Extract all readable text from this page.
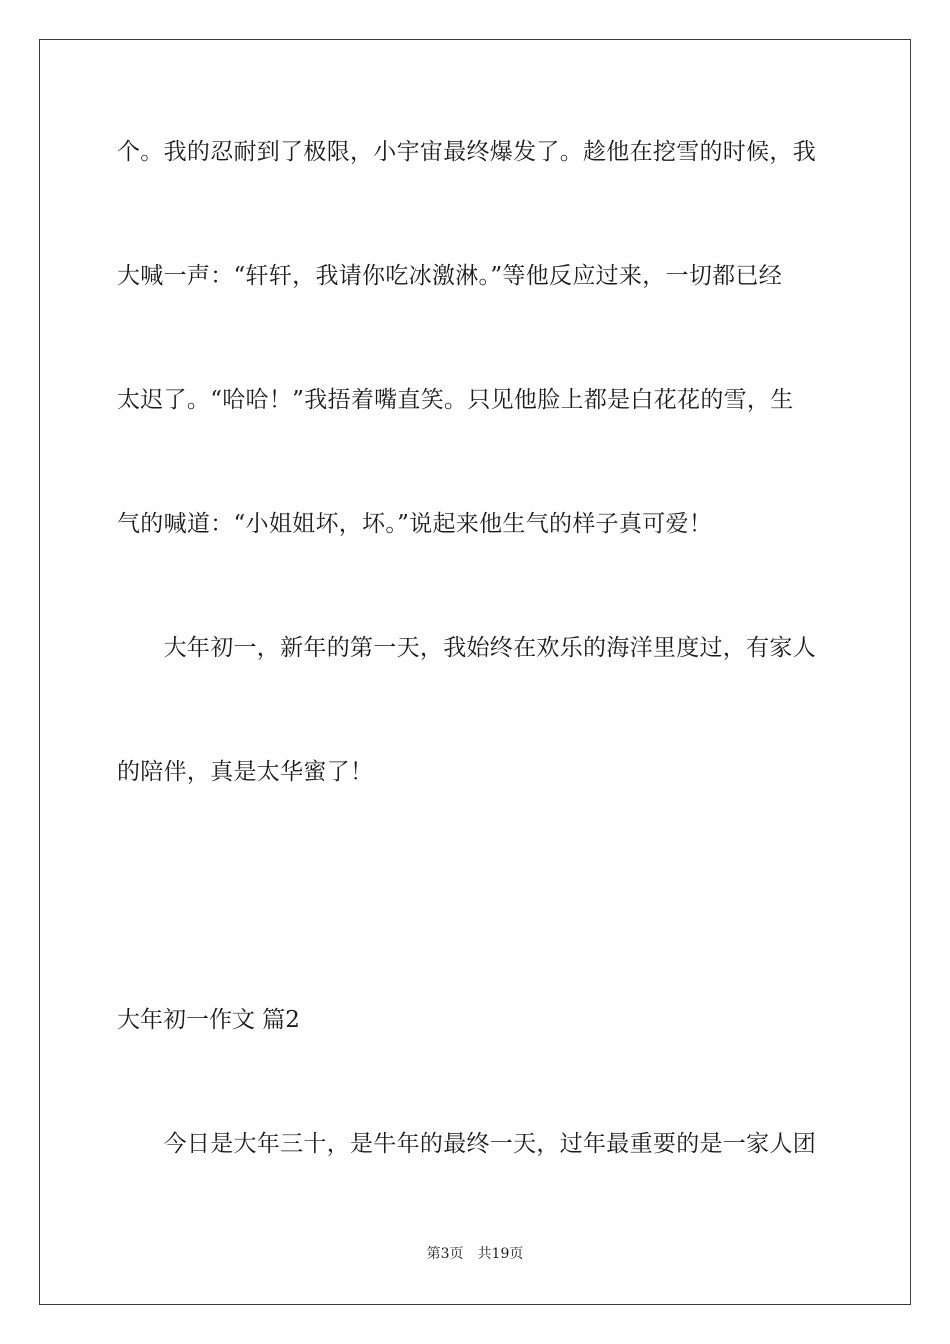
个。我的忍耐到了极限，小宇宙最终爆发了。趁他在挖雪的时候，我
大喊一声：“轩轩，我请你吃冰激淋。”等他反应过来，一切都已经
太迟了。“哈哈！”我捂着嘴直笑。只见他脸上都是白花花的雪，生
气的喊道：“小姐姐坏，坏。”说起来他生气的样子真可爱！
　　大年初一，新年的第一天，我始终在欢乐的海洋里度过，有家人
的陪伴，真是太华蜜了！
大年初一作文 篇2
　　今日是大年三十，是牛年的最终一天，过年最重要的是一家人团
第3页 共19页
